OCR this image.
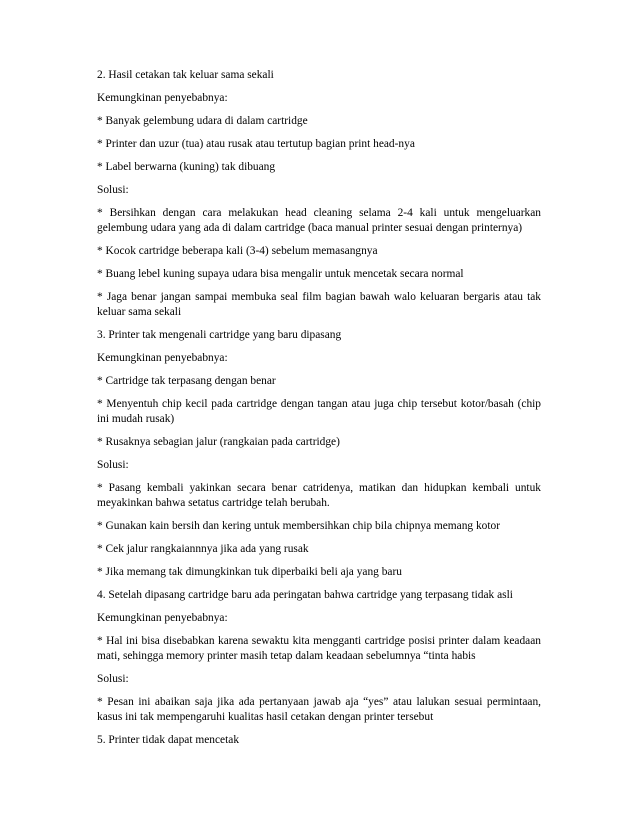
2. Hasil cetakan tak keluar sama sekali

Kemungkinan penyebabnya:

* Banyak gelembung udara di dalam cartridge

* Printer dan uzur (tua) atau rusak atau tertutup bagian print head-nya

* Label berwarna (kuning) tak dibuang

Solusi:

* Bersihkan dengan cara melakukan head cleaning selama 2-4 kali untuk mengeluarkan gelembung udara yang ada di dalam cartridge (baca manual printer sesuai dengan printernya)

* Kocok cartridge beberapa kali (3-4) sebelum memasangnya

* Buang lebel kuning supaya udara bisa mengalir untuk mencetak secara normal

* Jaga benar jangan sampai membuka seal film bagian bawah walo keluaran bergaris atau tak keluar sama sekali

3. Printer tak mengenali cartridge yang baru dipasang

Kemungkinan penyebabnya:

* Cartridge tak terpasang dengan benar

* Menyentuh chip kecil pada cartridge dengan tangan atau juga chip tersebut kotor/basah (chip ini mudah rusak)

* Rusaknya sebagian jalur (rangkaian pada cartridge)

Solusi:

* Pasang kembali yakinkan secara benar catridenya, matikan dan hidupkan kembali untuk meyakinkan bahwa setatus cartridge telah berubah.

* Gunakan kain bersih dan kering untuk membersihkan chip bila chipnya memang kotor

* Cek jalur rangkaiannnya jika ada yang rusak

* Jika memang tak dimungkinkan tuk diperbaiki beli aja yang baru

4. Setelah dipasang cartridge baru ada peringatan bahwa cartridge yang terpasang tidak asli

Kemungkinan penyebabnya:

* Hal ini bisa disebabkan karena sewaktu kita mengganti cartridge posisi printer dalam keadaan mati, sehingga memory printer masih tetap dalam keadaan sebelumnya “tinta habis

Solusi:

* Pesan ini abaikan saja jika ada pertanyaan jawab aja “yes” atau lalukan sesuai permintaan, kasus ini tak mempengaruhi kualitas hasil cetakan dengan printer tersebut

5. Printer tidak dapat mencetak
